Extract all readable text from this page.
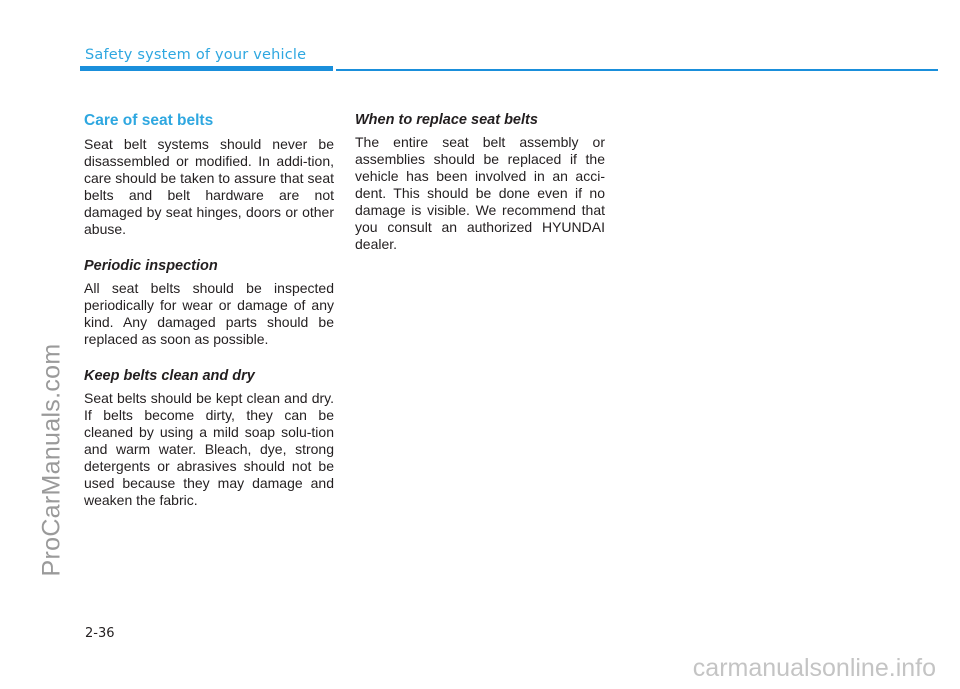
ProCarManuals.com
Safety system of your vehicle
Care of seat belts

Seat belt systems should never be disassembled or modified. In addi-tion, care should be taken to assure that seat belts and belt hardware are not damaged by seat hinges, doors or other abuse.

Periodic inspection

All seat belts should be inspected periodically for wear or damage of any kind. Any damaged parts should be replaced as soon as possible.

Keep belts clean and dry

Seat belts should be kept clean and dry. If belts become dirty, they can be cleaned by using a mild soap solu-tion and warm water. Bleach, dye, strong detergents or abrasives should not be used because they may damage and weaken the fabric.

When to replace seat belts

The entire seat belt assembly or assemblies should be replaced if the vehicle has been involved in an acci-dent. This should be done even if no damage is visible. We recommend that you consult an authorized HYUNDAI dealer.

2-36
carmanualsonline.info
